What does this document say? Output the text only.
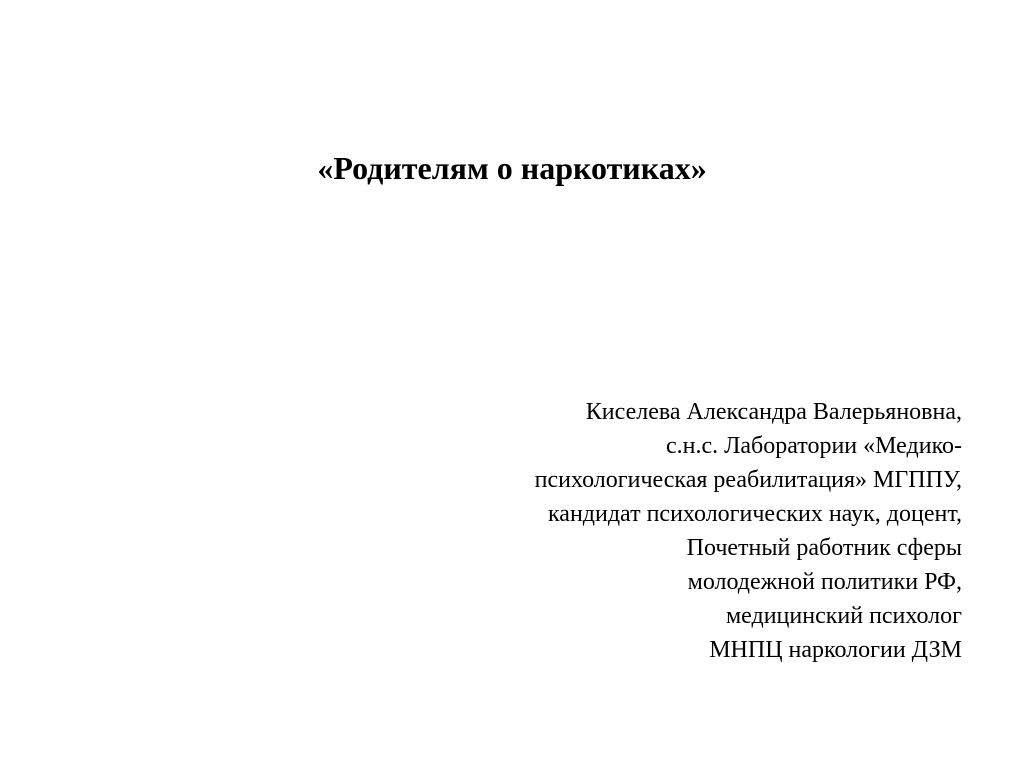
«Родителям о наркотиках»
Киселева Александра Валерьяновна,
с.н.с. Лаборатории «Медико-
психологическая реабилитация» МГППУ,
кандидат психологических наук, доцент,
Почетный работник сферы
молодежной политики РФ,
медицинский психолог
МНПЦ наркологии ДЗМ
